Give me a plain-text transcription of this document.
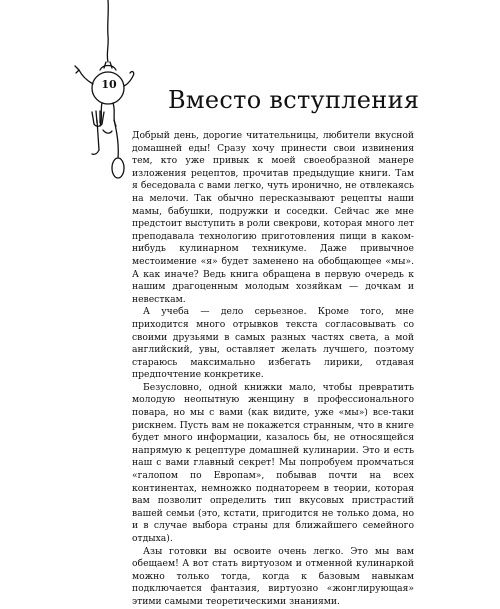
10
Вместо вступления

Добрый день, дорогие читательницы, любители вкусной домашней еды! Сразу хочу принести свои извинения тем, кто уже привык к моей своеобразной манере изложения рецептов, прочитав предыдущие книги. Там я беседовала с вами легко, чуть иронично, не отвлекаясь на мелочи. Так обычно пересказывают рецепты наши мамы, бабушки, подружки и соседки. Сейчас же мне предстоит выступить в роли свекрови, которая много лет преподавала технологию приготовления пищи в каком-нибудь кулинарном техникуме. Даже привычное местоимение «я» будет заменено на обобщающее «мы». А как иначе? Ведь книга обращена в первую очередь к нашим драгоценным молодым хозяйкам — дочкам и невесткам.

А учеба — дело серьезное. Кроме того, мне приходится много отрывков текста согласовывать со своими друзьями в самых разных частях света, а мой английский, увы, оставляет желать лучшего, поэтому стараюсь максимально избегать лирики, отдавая предпочтение конкретике.

Безусловно, одной книжки мало, чтобы превратить молодую неопытную женщину в профессионального повара, но мы с вами (как видите, уже «мы») все-таки рискнем. Пусть вам не покажется странным, что в книге будет много информации, казалось бы, не относящейся напрямую к рецептуре домашней кулинарии. Это и есть наш с вами главный секрет! Мы попробуем промчаться «галопом по Европам», побывав почти на всех континентах, немножко поднатореем в теории, которая вам позволит определить тип вкусовых пристрастий вашей семьи (это, кстати, пригодится не только дома, но и в случае выбора страны для ближайшего семейного отдыха).

Азы готовки вы освоите очень легко. Это мы вам обещаем! А вот стать виртуозом и отменной кулинаркой можно только тогда, когда к базовым навыкам подключается фантазия, виртуозно «жонглирующая» этими самыми теоретическими знаниями.
